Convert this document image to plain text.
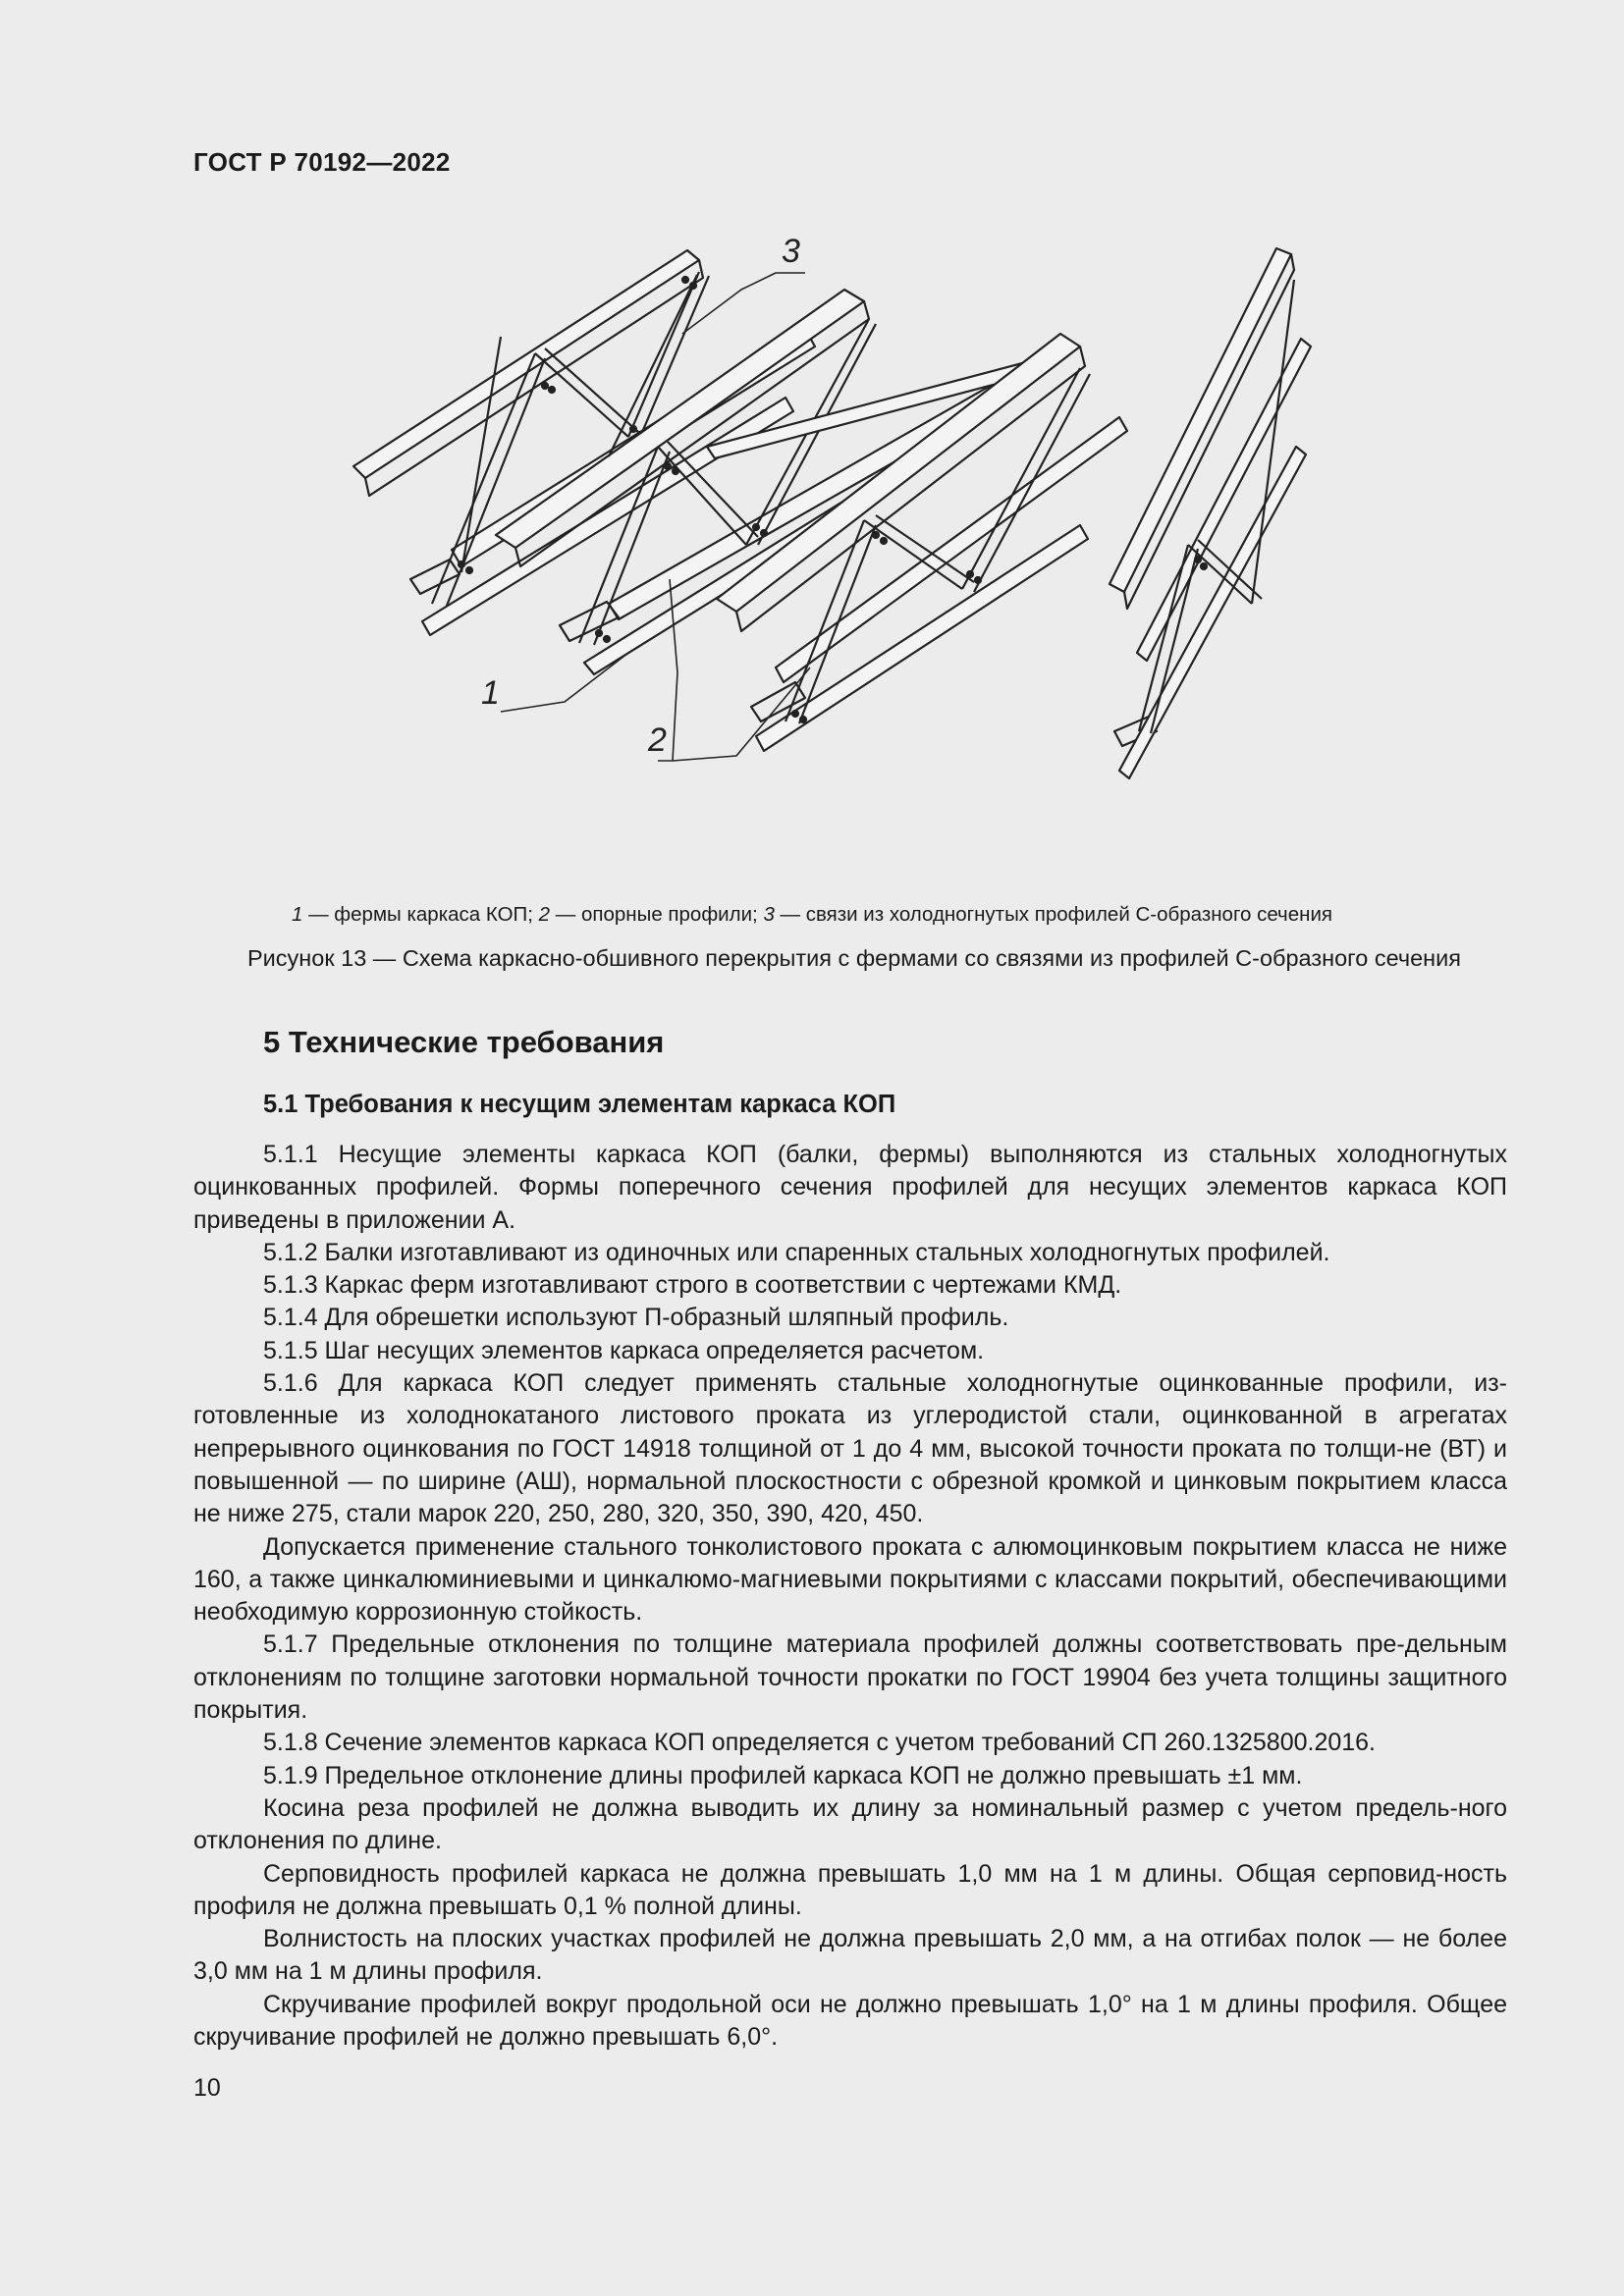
ГОСТ Р 70192—2022
1
2
3
1 — фермы каркаса КОП; 2 — опорные профили; 3 — связи из холодногнутых профилей С-образного сечения
Рисунок 13 — Схема каркасно-обшивного перекрытия с фермами со связями из профилей С-образного сечения
5 Технические требования
5.1 Требования к несущим элементам каркаса КОП

5.1.1 Несущие элементы каркаса КОП (балки, фермы) выполняются из стальных холодногнутых оцинкованных профилей. Формы поперечного сечения профилей для несущих элементов каркаса КОП приведены в приложении А.

5.1.2 Балки изготавливают из одиночных или спаренных стальных холодногнутых профилей.

5.1.3 Каркас ферм изготавливают строго в соответствии с чертежами КМД.

5.1.4 Для обрешетки используют П-образный шляпный профиль.

5.1.5 Шаг несущих элементов каркаса определяется расчетом.

5.1.6 Для каркаса КОП следует применять стальные холодногнутые оцинкованные профили, из-готовленные из холоднокатаного листового проката из углеродистой стали, оцинкованной в агрегатах непрерывного оцинкования по ГОСТ 14918 толщиной от 1 до 4 мм, высокой точности проката по толщи-не (ВТ) и повышенной — по ширине (АШ), нормальной плоскостности с обрезной кромкой и цинковым покрытием класса не ниже 275, стали марок 220, 250, 280, 320, 350, 390, 420, 450.

Допускается применение стального тонколистового проката с алюмоцинковым покрытием класса не ниже 160, а также цинкалюминиевыми и цинкалюмо-магниевыми покрытиями с классами покрытий, обеспечивающими необходимую коррозионную стойкость.

5.1.7 Предельные отклонения по толщине материала профилей должны соответствовать пре-дельным отклонениям по толщине заготовки нормальной точности прокатки по ГОСТ 19904 без учета толщины защитного покрытия.

5.1.8 Сечение элементов каркаса КОП определяется с учетом требований СП 260.1325800.2016.

5.1.9 Предельное отклонение длины профилей каркаса КОП не должно превышать ±1 мм.

Косина реза профилей не должна выводить их длину за номинальный размер с учетом предель-ного отклонения по длине.

Серповидность профилей каркаса не должна превышать 1,0 мм на 1 м длины. Общая серповид-ность профиля не должна превышать 0,1 % полной длины.

Волнистость на плоских участках профилей не должна превышать 2,0 мм, а на отгибах полок — не более 3,0 мм на 1 м длины профиля.

Скручивание профилей вокруг продольной оси не должно превышать 1,0° на 1 м длины профиля. Общее скручивание профилей не должно превышать 6,0°.

10
